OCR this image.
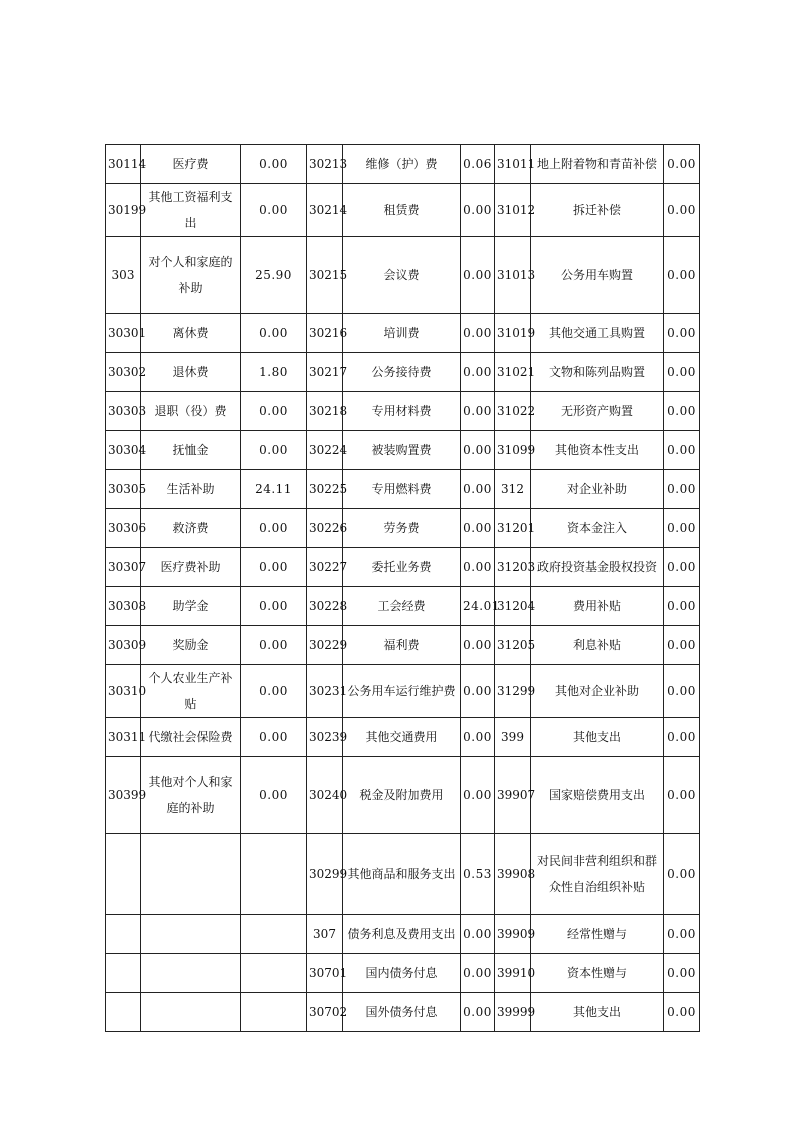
30114	医疗费	0.00	30213	维修（护）费	0.06	31011	地上附着物和青苗补偿	0.00
30199	其他工资福利支出	0.00	30214	租赁费	0.00	31012	拆迁补偿	0.00
303	对个人和家庭的补助	25.90	30215	会议费	0.00	31013	公务用车购置	0.00
30301	离休费	0.00	30216	培训费	0.00	31019	其他交通工具购置	0.00
30302	退休费	1.80	30217	公务接待费	0.00	31021	文物和陈列品购置	0.00
30303	退职（役）费	0.00	30218	专用材料费	0.00	31022	无形资产购置	0.00
30304	抚恤金	0.00	30224	被装购置费	0.00	31099	其他资本性支出	0.00
30305	生活补助	24.11	30225	专用燃料费	0.00	312	对企业补助	0.00
30306	救济费	0.00	30226	劳务费	0.00	31201	资本金注入	0.00
30307	医疗费补助	0.00	30227	委托业务费	0.00	31203	政府投资基金股权投资	0.00
30308	助学金	0.00	30228	工会经费	24.01	31204	费用补贴	0.00
30309	奖励金	0.00	30229	福利费	0.00	31205	利息补贴	0.00
30310	个人农业生产补贴	0.00	30231	公务用车运行维护费	0.00	31299	其他对企业补助	0.00
30311	代缴社会保险费	0.00	30239	其他交通费用	0.00	399	其他支出	0.00
30399	其他对个人和家庭的补助	0.00	30240	税金及附加费用	0.00	39907	国家赔偿费用支出	0.00
			30299	其他商品和服务支出	0.53	39908	对民间非营利组织和群众性自治组织补贴	0.00
			307	债务利息及费用支出	0.00	39909	经常性赠与	0.00
			30701	国内债务付息	0.00	39910	资本性赠与	0.00
			30702	国外债务付息	0.00	39999	其他支出	0.00
